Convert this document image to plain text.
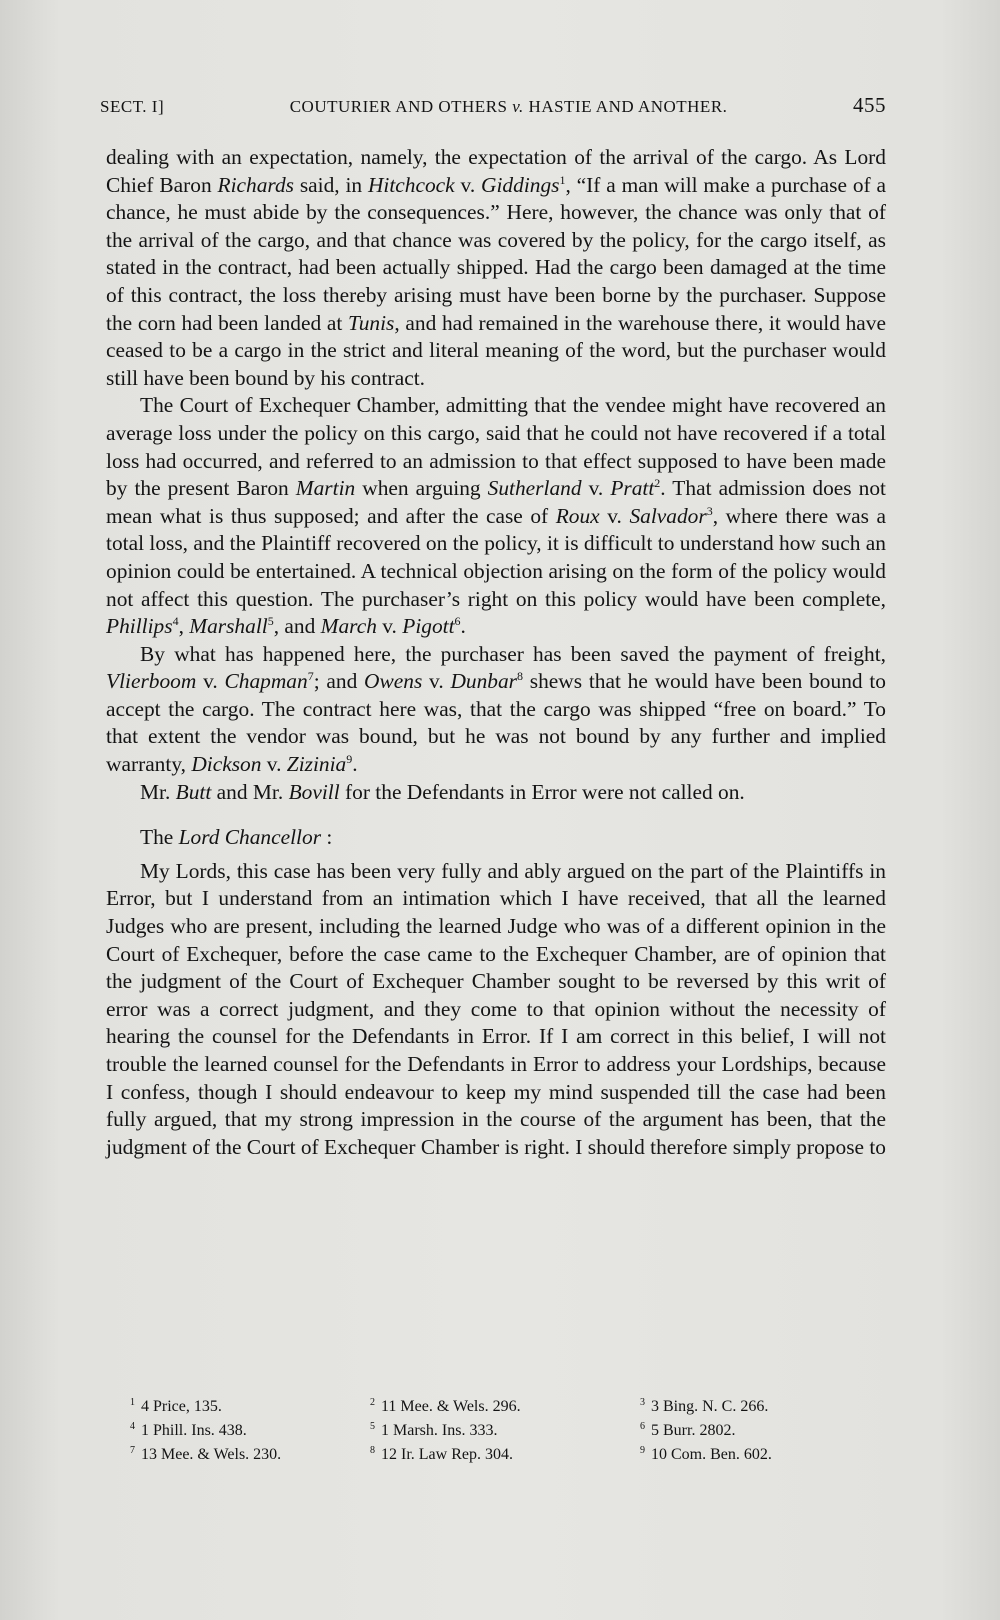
SECT. I]	COUTURIER AND OTHERS v. HASTIE AND ANOTHER.	455

dealing with an expectation, namely, the expectation of the arrival of the cargo. As Lord Chief Baron Richards said, in Hitchcock v. Giddings$^1$, “If a man will make a purchase of a chance, he must abide by the consequences.” Here, however, the chance was only that of the arrival of the cargo, and that chance was covered by the policy, for the cargo itself, as stated in the contract, had been actually shipped. Had the cargo been damaged at the time of this contract, the loss thereby arising must have been borne by the purchaser. Suppose the corn had been landed at Tunis, and had remained in the warehouse there, it would have ceased to be a cargo in the strict and literal meaning of the word, but the purchaser would still have been bound by his contract.

The Court of Exchequer Chamber, admitting that the vendee might have recovered an average loss under the policy on this cargo, said that he could not have recovered if a total loss had occurred, and referred to an admission to that effect supposed to have been made by the present Baron Martin when arguing Sutherland v. Pratt$^2$. That admission does not mean what is thus supposed; and after the case of Roux v. Salvador$^3$, where there was a total loss, and the Plaintiff recovered on the policy, it is difficult to understand how such an opinion could be entertained. A technical objection arising on the form of the policy would not affect this question. The purchaser’s right on this policy would have been complete, Phillips$^4$, Marshall$^5$, and March v. Pigott$^6$.

By what has happened here, the purchaser has been saved the payment of freight, Vlierboom v. Chapman$^7$; and Owens v. Dunbar$^8$ shews that he would have been bound to accept the cargo. The contract here was, that the cargo was shipped “free on board.” To that extent the vendor was bound, but he was not bound by any further and implied warranty, Dickson v. Zizinia$^9$.

Mr. Butt and Mr. Bovill for the Defendants in Error were not called on.

The Lord Chancellor :

My Lords, this case has been very fully and ably argued on the part of the Plaintiffs in Error, but I understand from an intimation which I have received, that all the learned Judges who are present, including the learned Judge who was of a different opinion in the Court of Exchequer, before the case came to the Exchequer Chamber, are of opinion that the judgment of the Court of Exchequer Chamber sought to be reversed by this writ of error was a correct judgment, and they come to that opinion without the necessity of hearing the counsel for the Defendants in Error. If I am correct in this belief, I will not trouble the learned counsel for the Defendants in Error to address your Lordships, because I confess, though I should endeavour to keep my mind suspended till the case had been fully argued, that my strong impression in the course of the argument has been, that the judgment of the Court of Exchequer Chamber is right. I should therefore simply propose to

$^1$ 4 Price, 135.	$^2$ 11 Mee. & Wels. 296.	$^3$ 3 Bing. N. C. 266.
$^4$ 1 Phill. Ins. 438.	$^5$ 1 Marsh. Ins. 333.	$^6$ 5 Burr. 2802.
$^7$ 13 Mee. & Wels. 230.	$^8$ 12 Ir. Law Rep. 304.	$^9$ 10 Com. Ben. 602.
